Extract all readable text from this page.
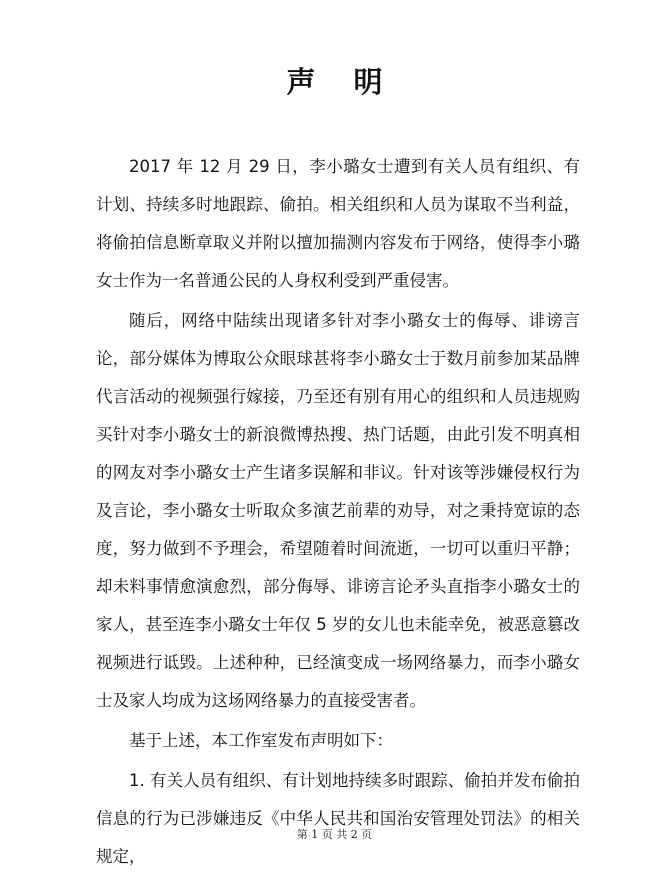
声 明

2017 年 12 月 29 日，李小璐女士遭到有关人员有组织、有计划、持续多时地跟踪、偷拍。相关组织和人员为谋取不当利益，将偷拍信息断章取义并附以擅加揣测内容发布于网络，使得李小璐女士作为一名普通公民的人身权利受到严重侵害。

随后，网络中陆续出现诸多针对李小璐女士的侮辱、诽谤言论，部分媒体为博取公众眼球甚将李小璐女士于数月前参加某品牌代言活动的视频强行嫁接，乃至还有别有用心的组织和人员违规购买针对李小璐女士的新浪微博热搜、热门话题，由此引发不明真相的网友对李小璐女士产生诸多误解和非议。针对该等涉嫌侵权行为及言论，李小璐女士听取众多演艺前辈的劝导，对之秉持宽谅的态度，努力做到不予理会，希望随着时间流逝，一切可以重归平静；却未料事情愈演愈烈，部分侮辱、诽谤言论矛头直指李小璐女士的家人，甚至连李小璐女士年仅 5 岁的女儿也未能幸免，被恶意篡改视频进行诋毁。上述种种，已经演变成一场网络暴力，而李小璐女士及家人均成为这场网络暴力的直接受害者。

基于上述，本工作室发布声明如下：

1. 有关人员有组织、有计划地持续多时跟踪、偷拍并发布偷拍信息的行为已涉嫌违反《中华人民共和国治安管理处罚法》的相关规定，

第 1 页 共 2 页
